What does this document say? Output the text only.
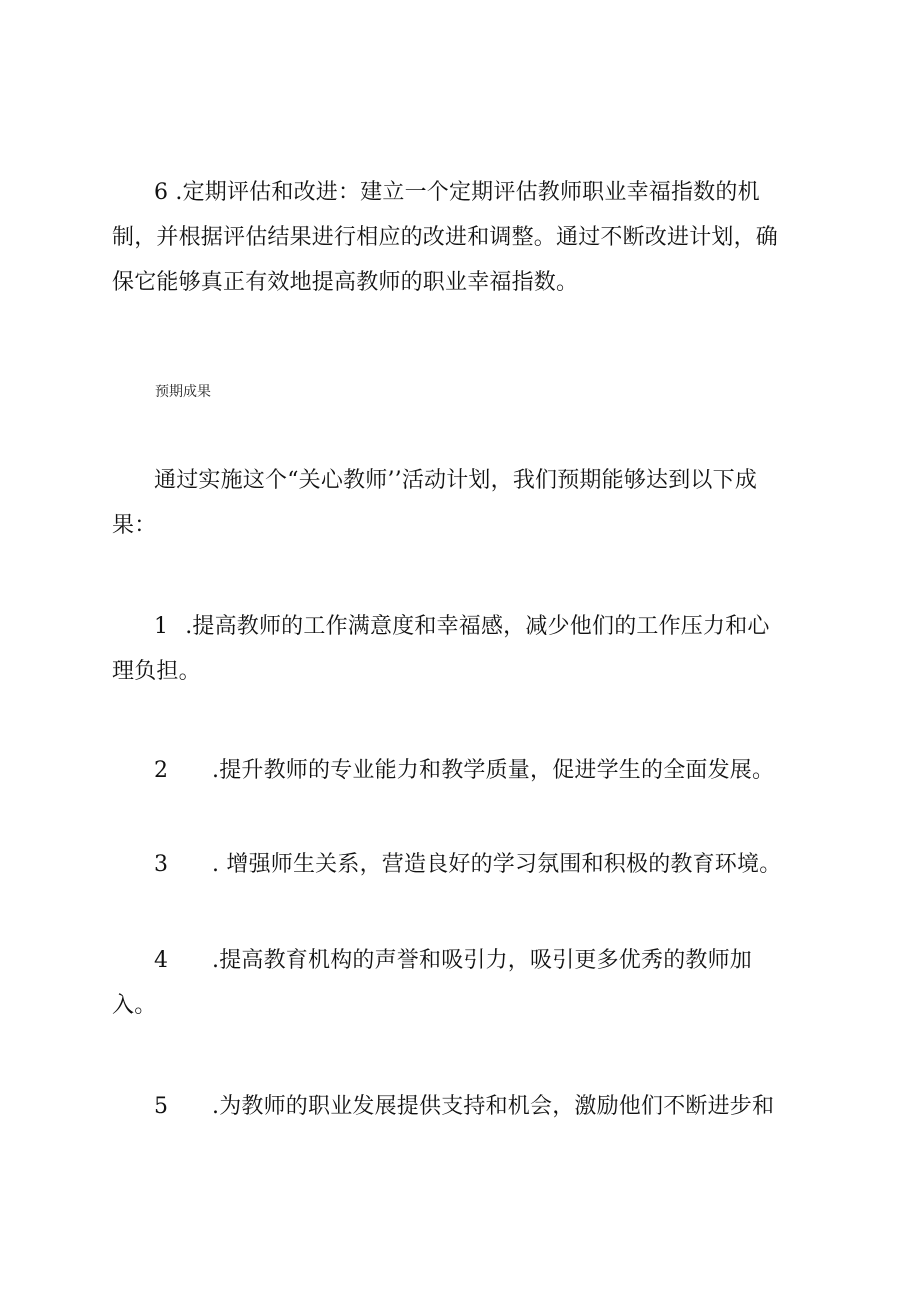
6 .定期评估和改进：建立一个定期评估教师职业幸福指数的机
制，并根据评估结果进行相应的改进和调整。通过不断改进计划，确
保它能够真正有效地提高教师的职业幸福指数。
预期成果
通过实施这个“关心教师’’活动计划，我们预期能够达到以下成
果：
1 .提高教师的工作满意度和幸福感，减少他们的工作压力和心
理负担。
2 .提升教师的专业能力和教学质量，促进学生的全面发展。
3 . 增强师生关系，营造良好的学习氛围和积极的教育环境。
4 .提高教育机构的声誉和吸引力，吸引更多优秀的教师加
入。
5 .为教师的职业发展提供支持和机会，激励他们不断进步和
